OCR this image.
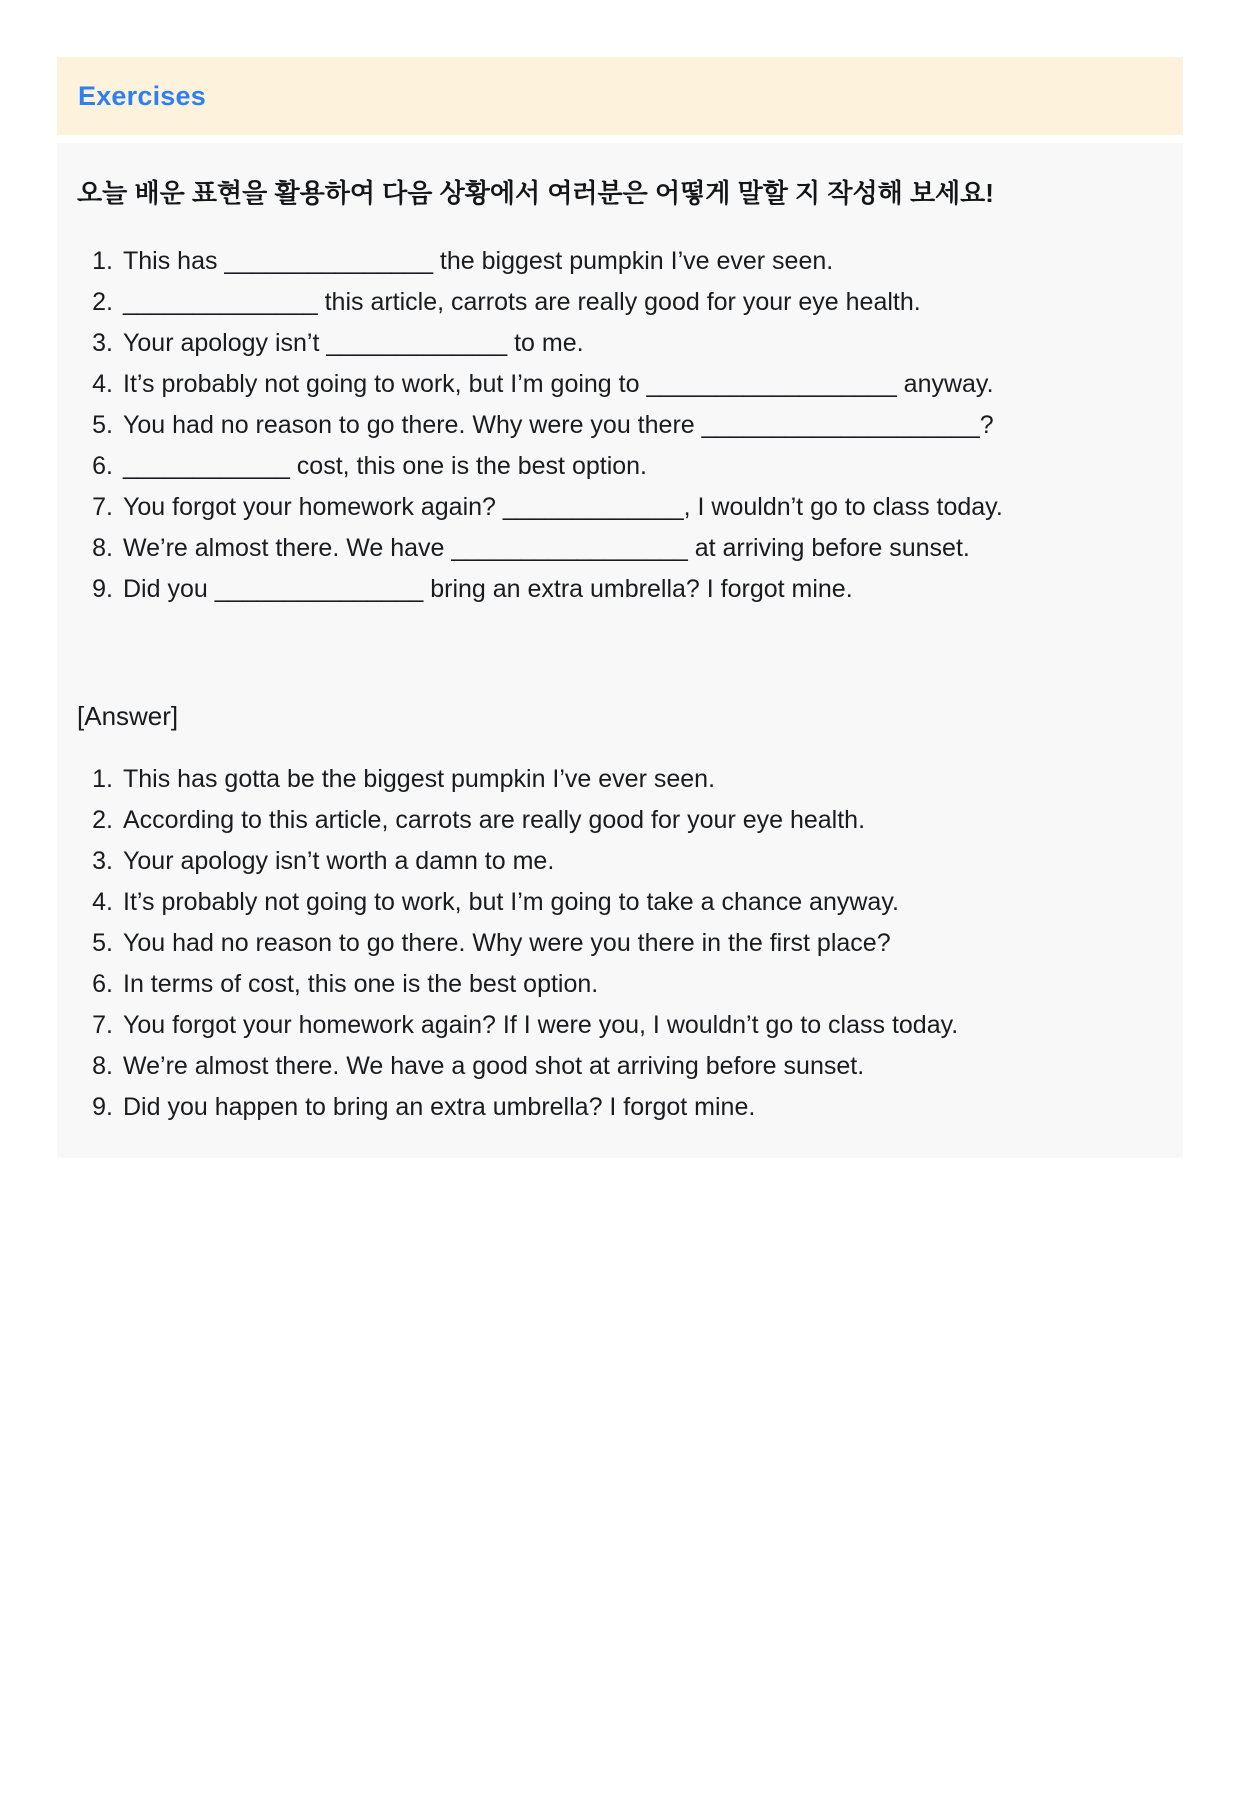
Exercises

오늘 배운 표현을 활용하여 다음 상황에서 여러분은 어떻게 말할 지 작성해 보세요!

This has _______________ the biggest pumpkin I’ve ever seen.
______________ this article, carrots are really good for your eye health.
Your apology isn’t _____________ to me.
It’s probably not going to work, but I’m going to __________________ anyway.
You had no reason to go there. Why were you there ____________________?
____________ cost, this one is the best option.
You forgot your homework again? _____________, I wouldn’t go to class today.
We’re almost there. We have _________________ at arriving before sunset.
Did you _______________ bring an extra umbrella? I forgot mine.

[Answer]

This has gotta be the biggest pumpkin I’ve ever seen.
According to this article, carrots are really good for your eye health.
Your apology isn’t worth a damn to me.
It’s probably not going to work, but I’m going to take a chance anyway.
You had no reason to go there. Why were you there in the first place?
In terms of cost, this one is the best option.
You forgot your homework again? If I were you, I wouldn’t go to class today.
We’re almost there. We have a good shot at arriving before sunset.
Did you happen to bring an extra umbrella? I forgot mine.
